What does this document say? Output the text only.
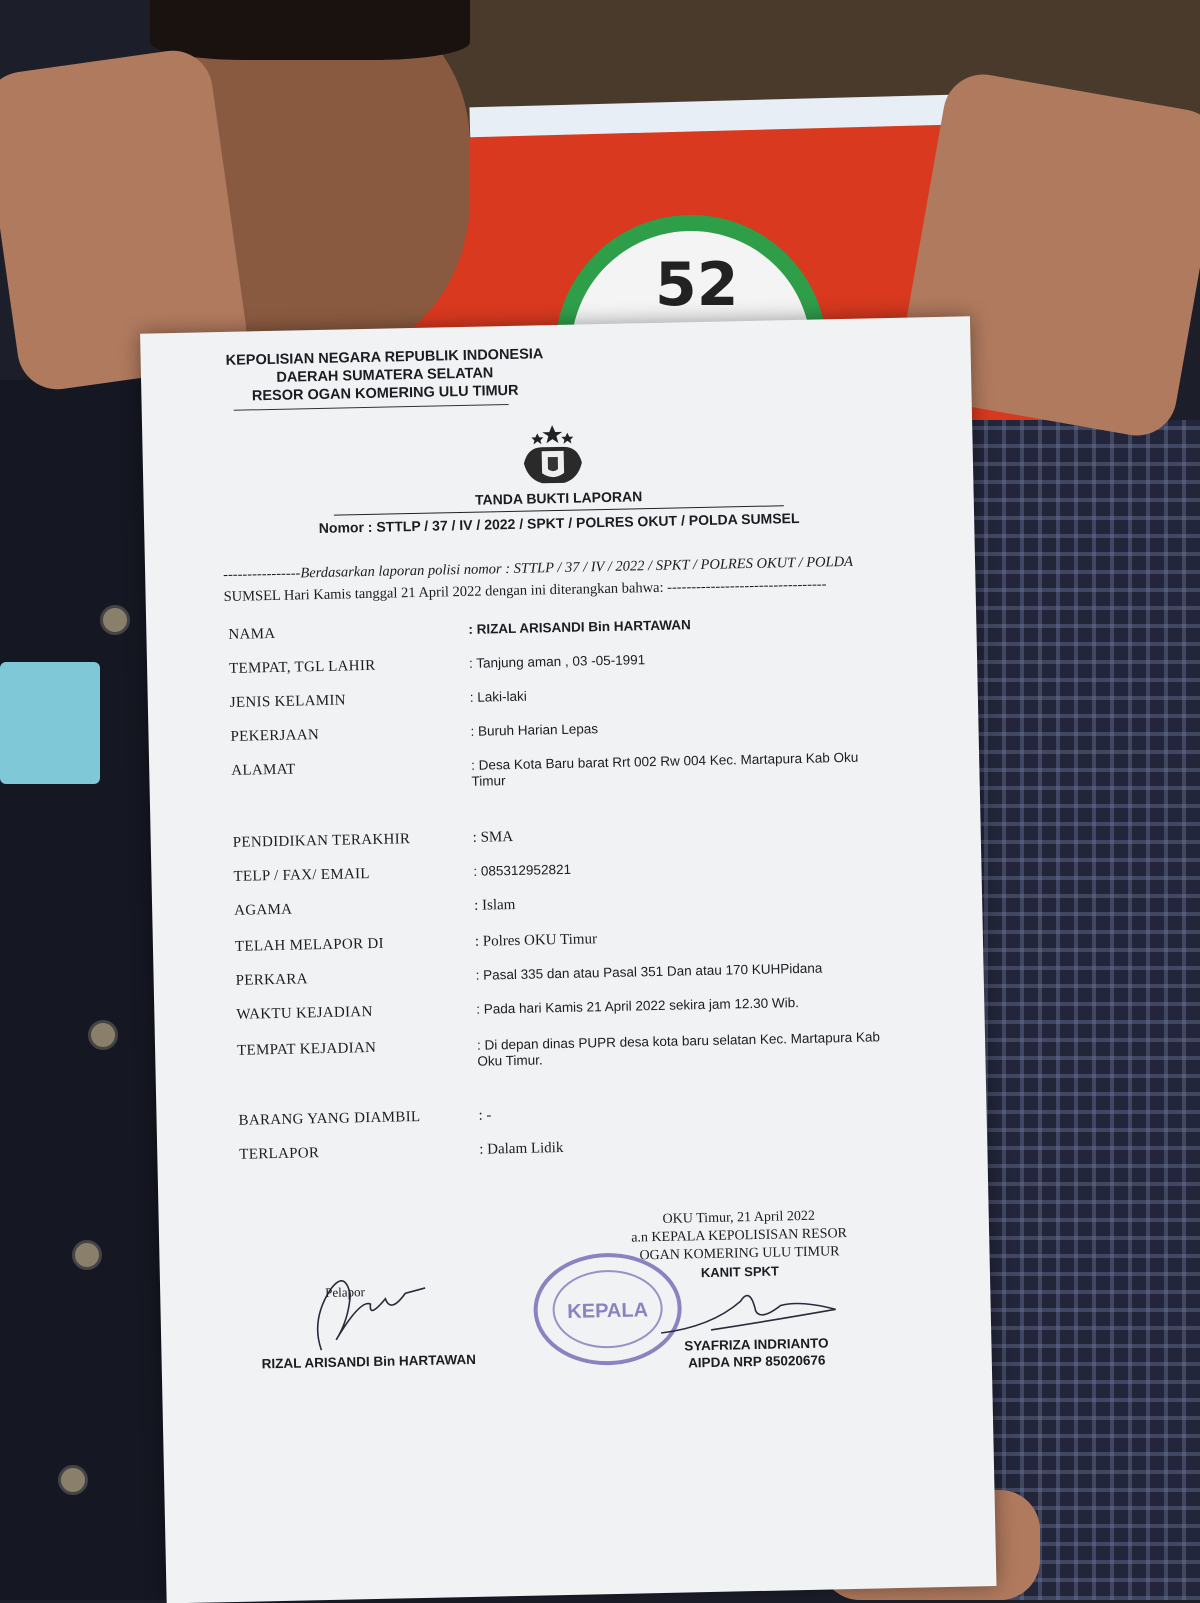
52
KEPOLISIAN NEGARA REPUBLIK INDONESIA
DAERAH SUMATERA SELATAN
RESOR OGAN KOMERING ULU TIMUR
TANDA BUKTI LAPORAN
Nomor : STTLP / 37 / IV / 2022 / SPKT / POLRES OKUT / POLDA SUMSEL
----------------Berdasarkan laporan polisi nomor : STTLP / 37 / IV / 2022 / SPKT / POLRES OKUT / POLDA
SUMSEL Hari Kamis tanggal 21 April 2022 dengan ini diterangkan bahwa: ---------------------------------
NAMA	: RIZAL ARISANDI Bin HARTAWAN
TEMPAT, TGL LAHIR	: Tanjung aman , 03 -05-1991
JENIS KELAMIN	: Laki-laki
PEKERJAAN	: Buruh Harian Lepas
ALAMAT	: Desa Kota Baru barat Rrt 002 Rw 004 Kec. Martapura Kab Oku Timur
PENDIDIKAN TERAKHIR	: SMA
TELP / FAX/ EMAIL	: 085312952821
AGAMA	: Islam
TELAH MELAPOR DI	: Polres OKU Timur
PERKARA	: Pasal 335 dan atau Pasal 351 Dan atau 170 KUHPidana
WAKTU KEJADIAN	: Pada hari Kamis 21 April 2022 sekira jam 12.30 Wib.
TEMPAT KEJADIAN	: Di depan dinas PUPR desa kota baru selatan Kec. Martapura Kab Oku Timur.
BARANG YANG DIAMBIL	: -
TERLAPOR	: Dalam Lidik
OKU Timur, 21 April 2022
a.n KEPALA KEPOLISISAN RESOR
OGAN KOMERING ULU TIMUR
KANIT SPKT
KEPALA
Pelapor
RIZAL ARISANDI Bin HARTAWAN
SYAFRIZA INDRIANTO
AIPDA NRP 85020676
